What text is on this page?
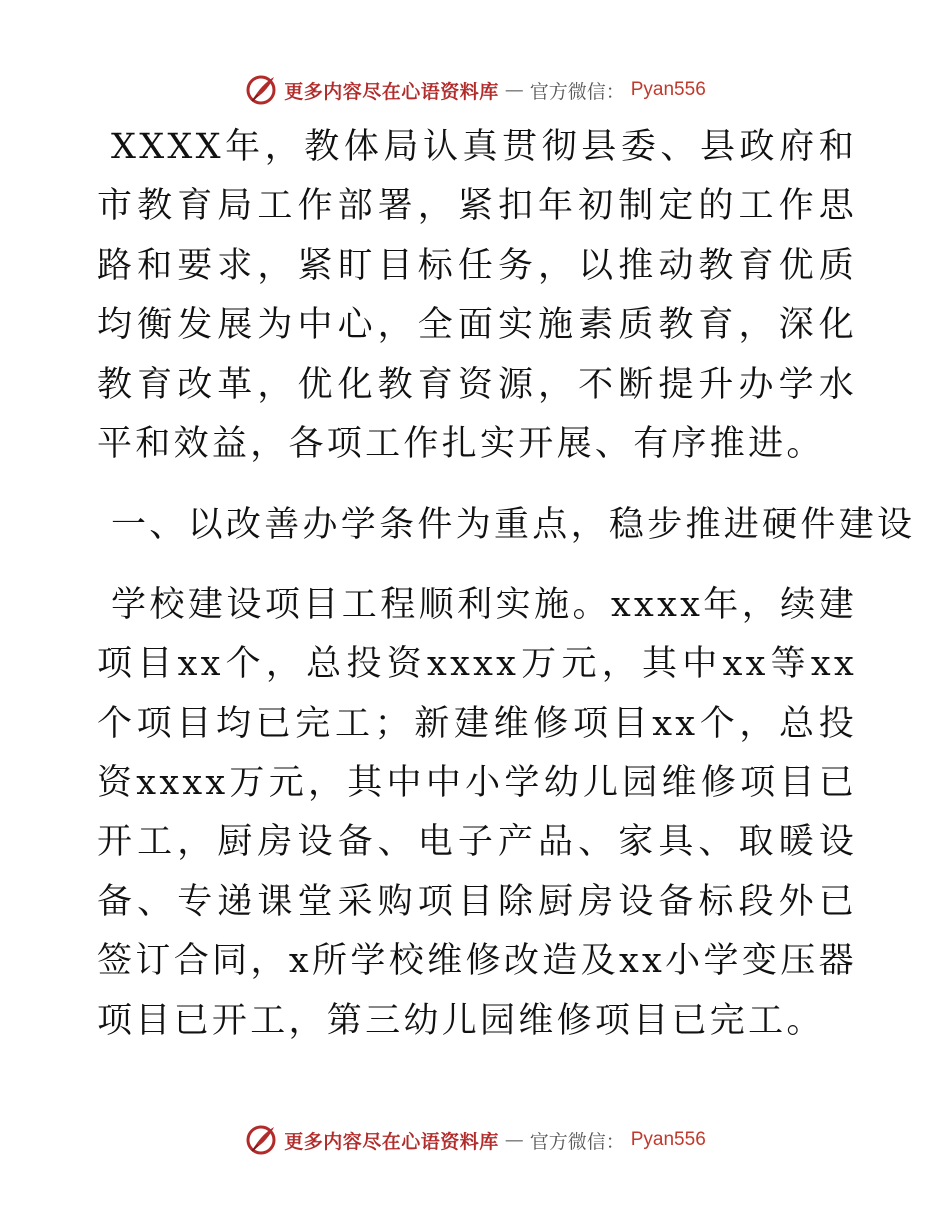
更多内容尽在心语资料库 — 官方微信： Pyan556

XXXX年，教体局认真贯彻县委、县政府和市教育局工作部署，紧扣年初制定的工作思路和要求，紧盯目标任务，以推动教育优质均衡发展为中心，全面实施素质教育，深化教育改革，优化教育资源，不断提升办学水平和效益，各项工作扎实开展、有序推进。

一、以改善办学条件为重点，稳步推进硬件建设

学校建设项目工程顺利实施。xxxx年，续建项目xx个，总投资xxxx万元，其中xx等xx个项目均已完工；新建维修项目xx个，总投资xxxx万元，其中中小学幼儿园维修项目已开工，厨房设备、电子产品、家具、取暖设备、专递课堂采购项目除厨房设备标段外已签订合同，x所学校维修改造及xx小学变压器项目已开工，第三幼儿园维修项目已完工。

更多内容尽在心语资料库 — 官方微信： Pyan556
